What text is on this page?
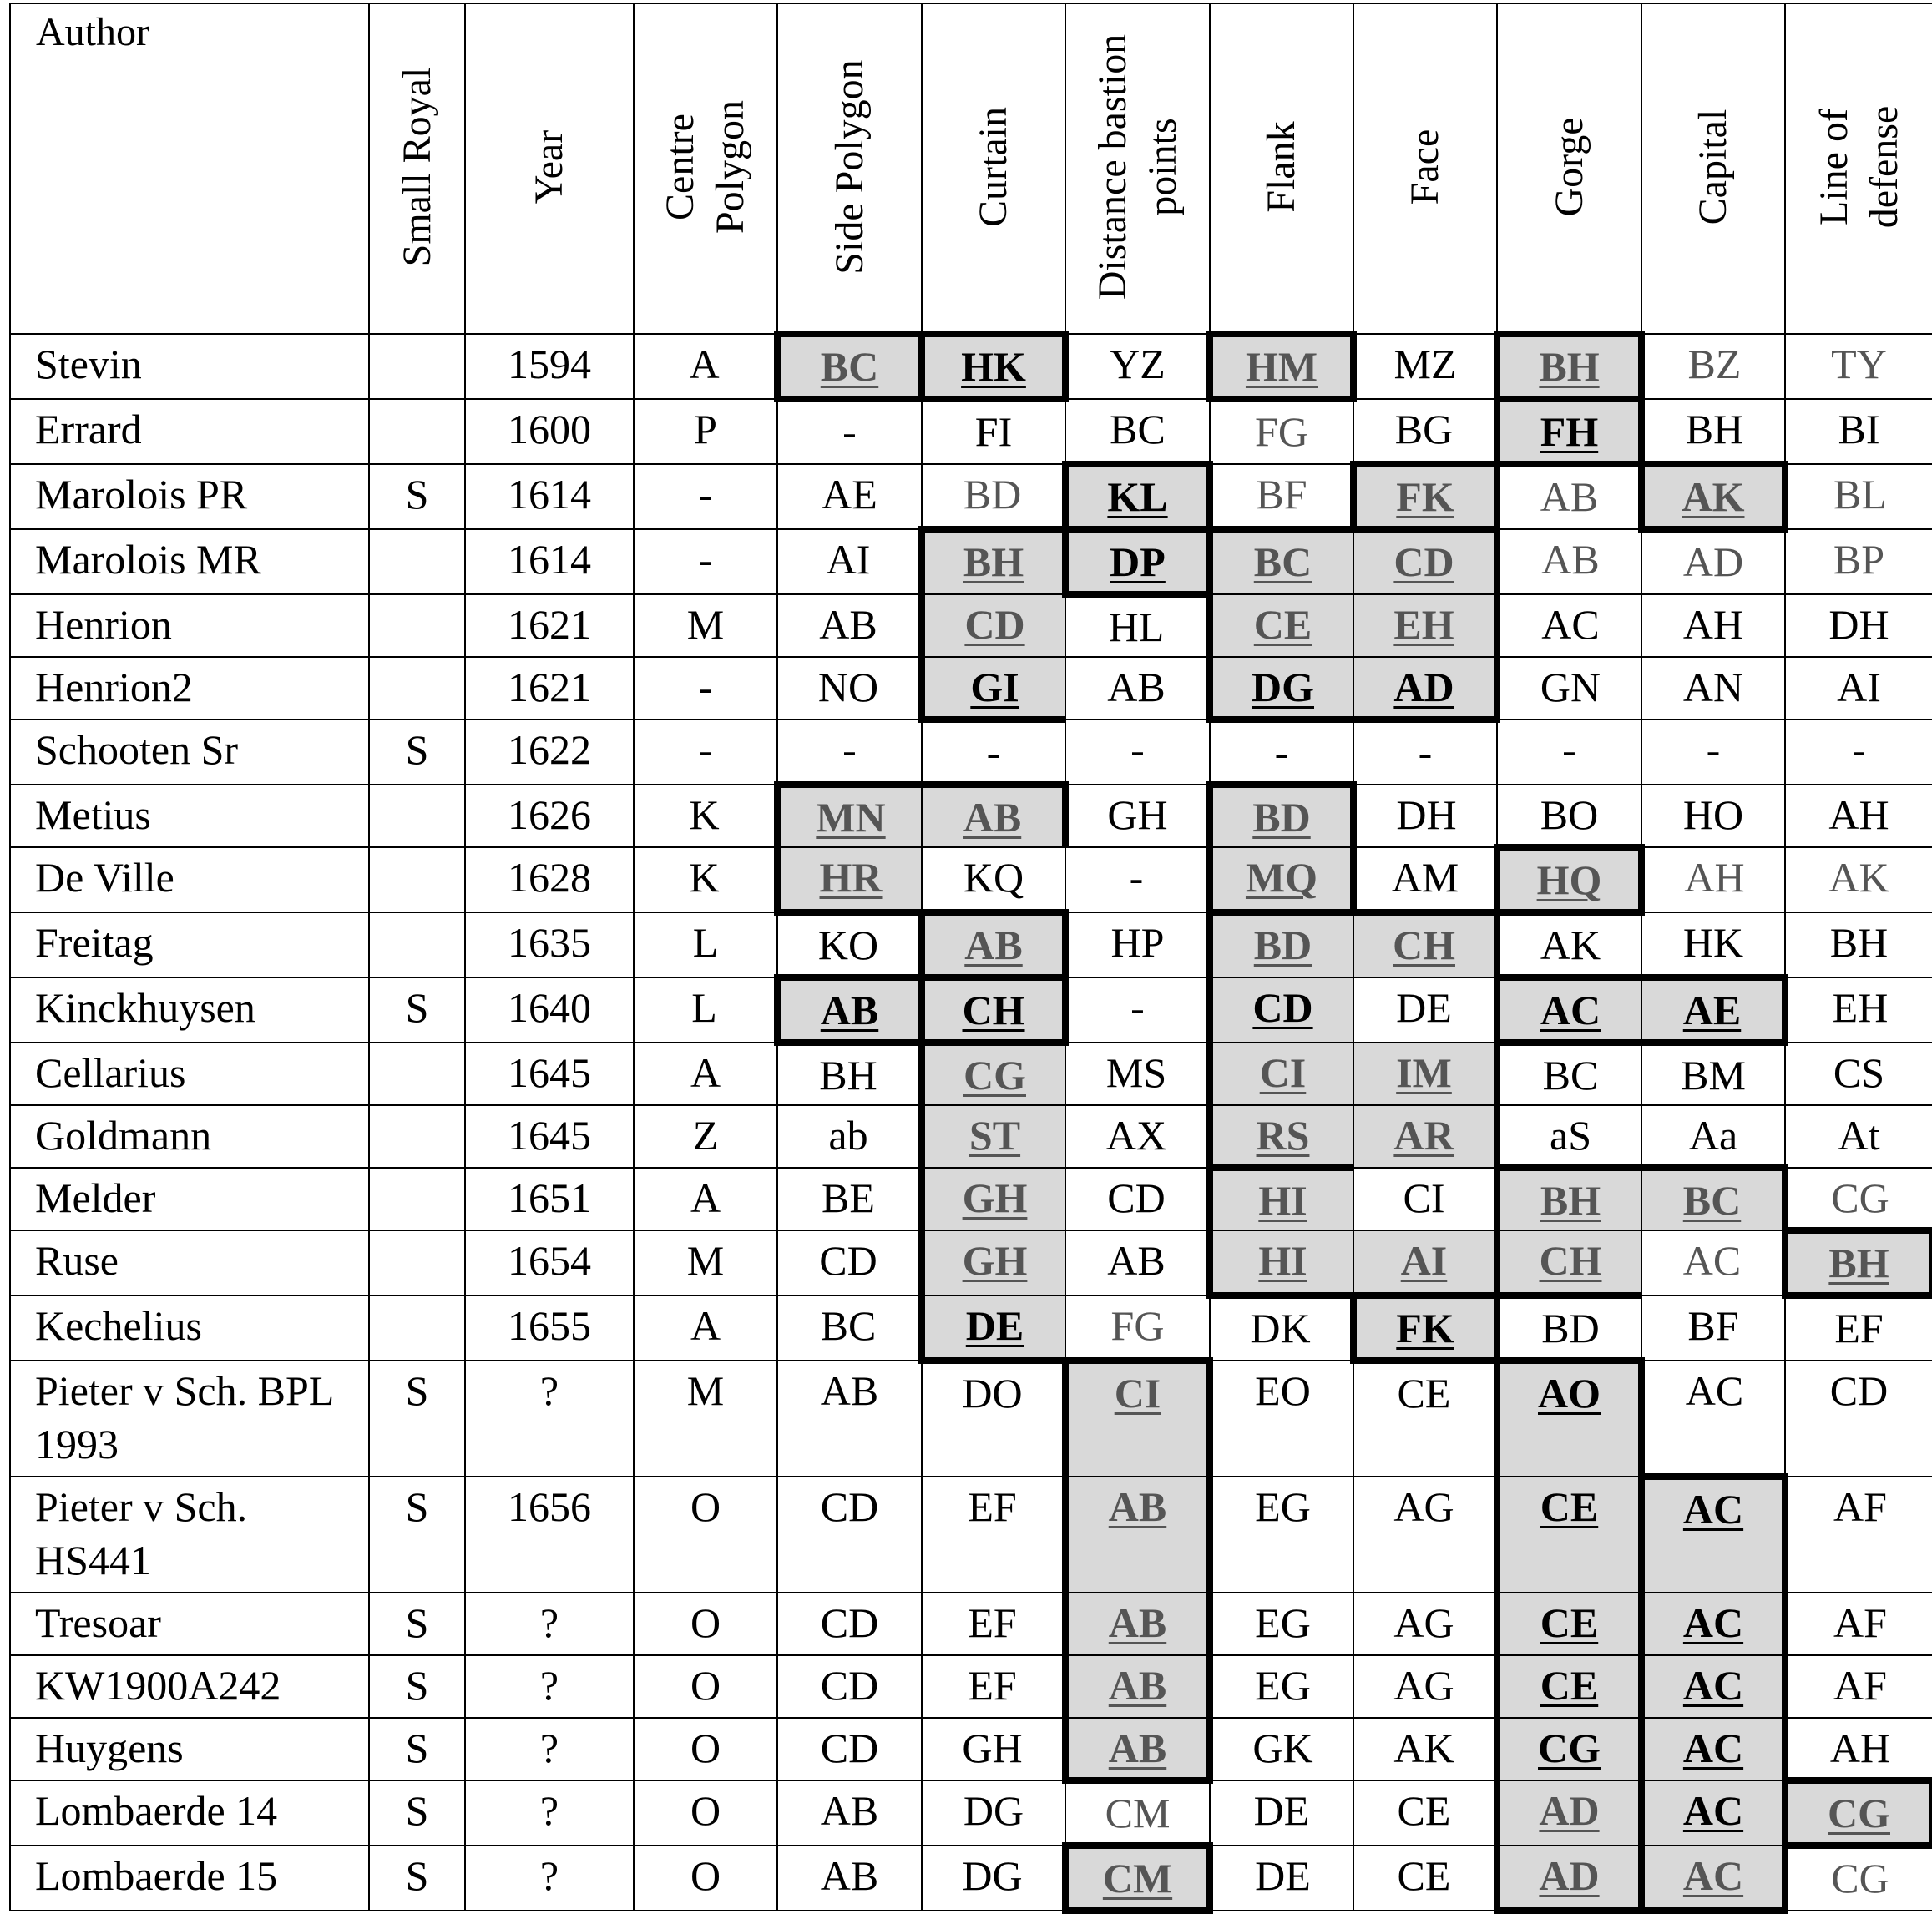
Author	Small Royal	Year	Centre Polygon	Side Polygon	Curtain	Distance bastion points	Flank	Face	Gorge	Capital	Line of defense

Stevin		1594	A	BC	HK	YZ	HM	MZ	BH	BZ	TY
Errard		1600	P	-	FI	BC	FG	BG	FH	BH	BI
Marolois PR	S	1614	-	AE	BD	KL	BF	FK	AB	AK	BL
Marolois MR		1614	-	AI	BH	DP	BC	CD	AB	AD	BP
Henrion		1621	M	AB	CD	HL	CE	EH	AC	AH	DH
Henrion2		1621	-	NO	GI	AB	DG	AD	GN	AN	AI
Schooten Sr	S	1622	-	-	-	-	-	-	-	-	-
Metius		1626	K	MN	AB	GH	BD	DH	BO	HO	AH
De Ville		1628	K	HR	KQ	-	MQ	AM	HQ	AH	AK
Freitag		1635	L	KO	AB	HP	BD	CH	AK	HK	BH
Kinckhuysen	S	1640	L	AB	CH	-	CD	DE	AC	AE	EH
Cellarius		1645	A	BH	CG	MS	CI	IM	BC	BM	CS
Goldmann		1645	Z	ab	ST	AX	RS	AR	aS	Aa	At
Melder		1651	A	BE	GH	CD	HI	CI	BH	BC	CG
Ruse		1654	M	CD	GH	AB	HI	AI	CH	AC	BH
Kechelius		1655	A	BC	DE	FG	DK	FK	BD	BF	EF
Pieter v Sch. BPL 1993	S	?	M	AB	DO	CI	EO	CE	AO	AC	CD
Pieter v Sch. HS441	S	1656	O	CD	EF	AB	EG	AG	CE	AC	AF
Tresoar	S	?	O	CD	EF	AB	EG	AG	CE	AC	AF
KW1900A242	S	?	O	CD	EF	AB	EG	AG	CE	AC	AF
Huygens	S	?	O	CD	GH	AB	GK	AK	CG	AC	AH
Lombaerde 14	S	?	O	AB	DG	CM	DE	CE	AD	AC	CG
Lombaerde 15	S	?	O	AB	DG	CM	DE	CE	AD	AC	CG
